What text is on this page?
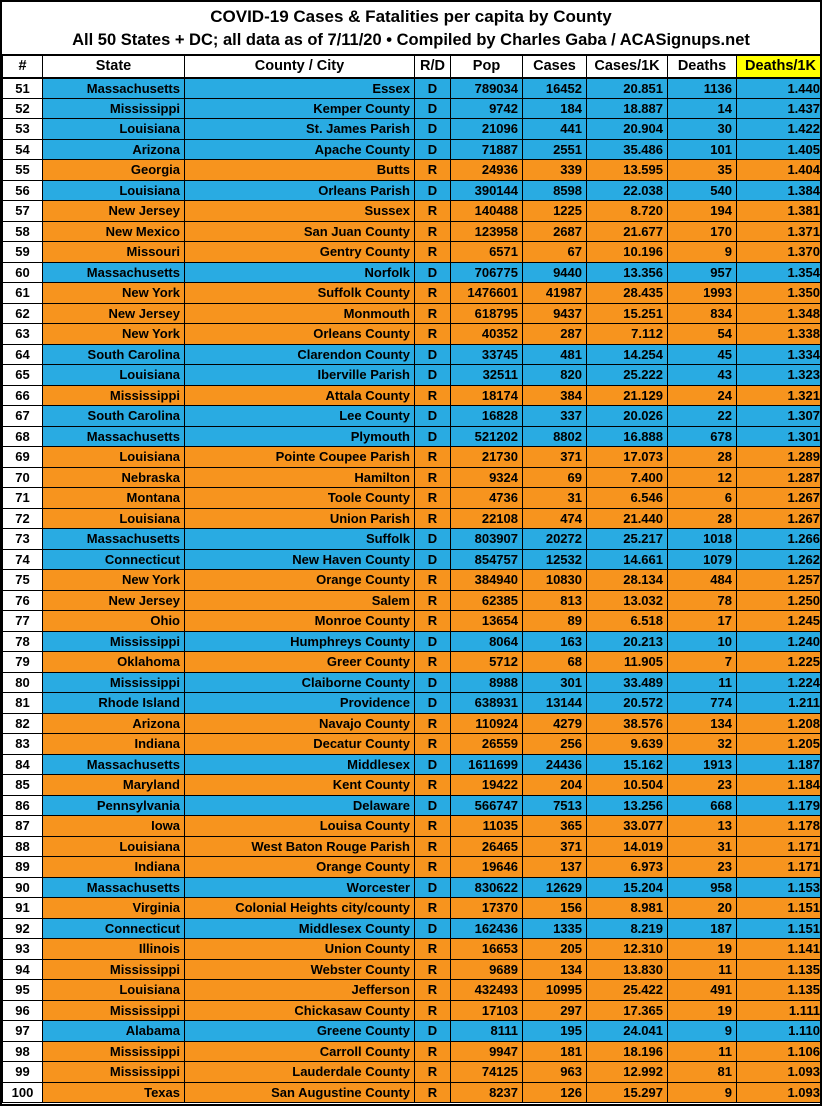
COVID-19 Cases & Fatalities per capita by County
All 50 States + DC; all data as of 7/11/20 • Compiled by Charles Gaba / ACASignups.net
#	State	County / City	R/D	Pop	Cases	Cases/1K	Deaths	Deaths/1K
51	Massachusetts	Essex	D	789034	16452	20.851	1136	1.440
52	Mississippi	Kemper County	D	9742	184	18.887	14	1.437
53	Louisiana	St. James Parish	D	21096	441	20.904	30	1.422
54	Arizona	Apache County	D	71887	2551	35.486	101	1.405
55	Georgia	Butts	R	24936	339	13.595	35	1.404
56	Louisiana	Orleans Parish	D	390144	8598	22.038	540	1.384
57	New Jersey	Sussex	R	140488	1225	8.720	194	1.381
58	New Mexico	San Juan County	R	123958	2687	21.677	170	1.371
59	Missouri	Gentry County	R	6571	67	10.196	9	1.370
60	Massachusetts	Norfolk	D	706775	9440	13.356	957	1.354
61	New York	Suffolk County	R	1476601	41987	28.435	1993	1.350
62	New Jersey	Monmouth	R	618795	9437	15.251	834	1.348
63	New York	Orleans County	R	40352	287	7.112	54	1.338
64	South Carolina	Clarendon County	D	33745	481	14.254	45	1.334
65	Louisiana	Iberville Parish	D	32511	820	25.222	43	1.323
66	Mississippi	Attala County	R	18174	384	21.129	24	1.321
67	South Carolina	Lee County	D	16828	337	20.026	22	1.307
68	Massachusetts	Plymouth	D	521202	8802	16.888	678	1.301
69	Louisiana	Pointe Coupee Parish	R	21730	371	17.073	28	1.289
70	Nebraska	Hamilton	R	9324	69	7.400	12	1.287
71	Montana	Toole County	R	4736	31	6.546	6	1.267
72	Louisiana	Union Parish	R	22108	474	21.440	28	1.267
73	Massachusetts	Suffolk	D	803907	20272	25.217	1018	1.266
74	Connecticut	New Haven County	D	854757	12532	14.661	1079	1.262
75	New York	Orange County	R	384940	10830	28.134	484	1.257
76	New Jersey	Salem	R	62385	813	13.032	78	1.250
77	Ohio	Monroe County	R	13654	89	6.518	17	1.245
78	Mississippi	Humphreys County	D	8064	163	20.213	10	1.240
79	Oklahoma	Greer County	R	5712	68	11.905	7	1.225
80	Mississippi	Claiborne County	D	8988	301	33.489	11	1.224
81	Rhode Island	Providence	D	638931	13144	20.572	774	1.211
82	Arizona	Navajo County	R	110924	4279	38.576	134	1.208
83	Indiana	Decatur County	R	26559	256	9.639	32	1.205
84	Massachusetts	Middlesex	D	1611699	24436	15.162	1913	1.187
85	Maryland	Kent County	R	19422	204	10.504	23	1.184
86	Pennsylvania	Delaware	D	566747	7513	13.256	668	1.179
87	Iowa	Louisa County	R	11035	365	33.077	13	1.178
88	Louisiana	West Baton Rouge Parish	R	26465	371	14.019	31	1.171
89	Indiana	Orange County	R	19646	137	6.973	23	1.171
90	Massachusetts	Worcester	D	830622	12629	15.204	958	1.153
91	Virginia	Colonial Heights city/county	R	17370	156	8.981	20	1.151
92	Connecticut	Middlesex County	D	162436	1335	8.219	187	1.151
93	Illinois	Union County	R	16653	205	12.310	19	1.141
94	Mississippi	Webster County	R	9689	134	13.830	11	1.135
95	Louisiana	Jefferson	R	432493	10995	25.422	491	1.135
96	Mississippi	Chickasaw County	R	17103	297	17.365	19	1.111
97	Alabama	Greene County	D	8111	195	24.041	9	1.110
98	Mississippi	Carroll County	R	9947	181	18.196	11	1.106
99	Mississippi	Lauderdale County	R	74125	963	12.992	81	1.093
100	Texas	San Augustine County	R	8237	126	15.297	9	1.093
